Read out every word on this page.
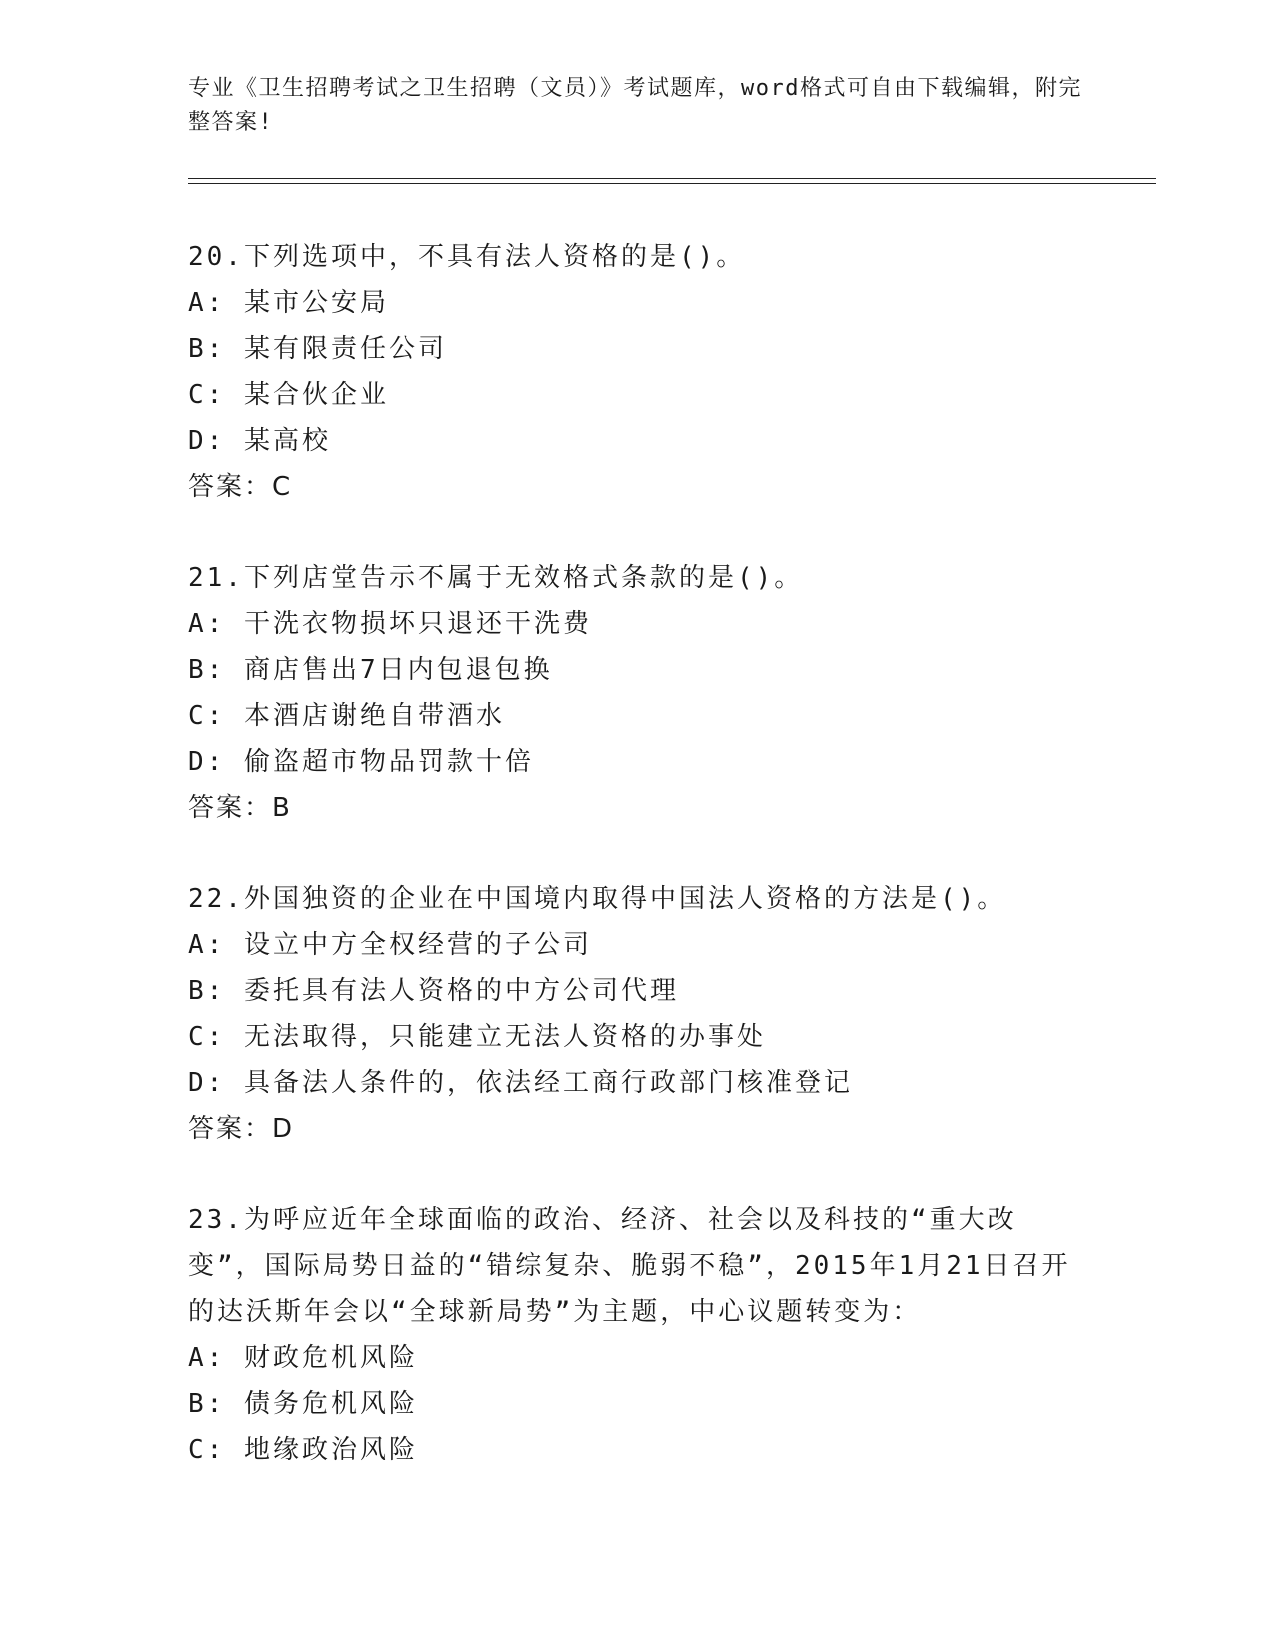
专业《卫生招聘考试之卫生招聘（文员）》考试题库，word格式可自由下载编辑，附完整答案!
20.下列选项中，不具有法人资格的是()。
A: 某市公安局
B: 某有限责任公司
C: 某合伙企业
D: 某高校
答案：C
21.下列店堂告示不属于无效格式条款的是()。
A: 干洗衣物损坏只退还干洗费
B: 商店售出7日内包退包换
C: 本酒店谢绝自带酒水
D: 偷盗超市物品罚款十倍
答案：B
22.外国独资的企业在中国境内取得中国法人资格的方法是()。
A: 设立中方全权经营的子公司
B: 委托具有法人资格的中方公司代理
C: 无法取得，只能建立无法人资格的办事处
D: 具备法人条件的，依法经工商行政部门核准登记
答案：D
23.为呼应近年全球面临的政治、经济、社会以及科技的“重大改变”，国际局势日益的“错综复杂、脆弱不稳”，2015年1月21日召开的达沃斯年会以“全球新局势”为主题，中心议题转变为：
A: 财政危机风险
B: 债务危机风险
C: 地缘政治风险
